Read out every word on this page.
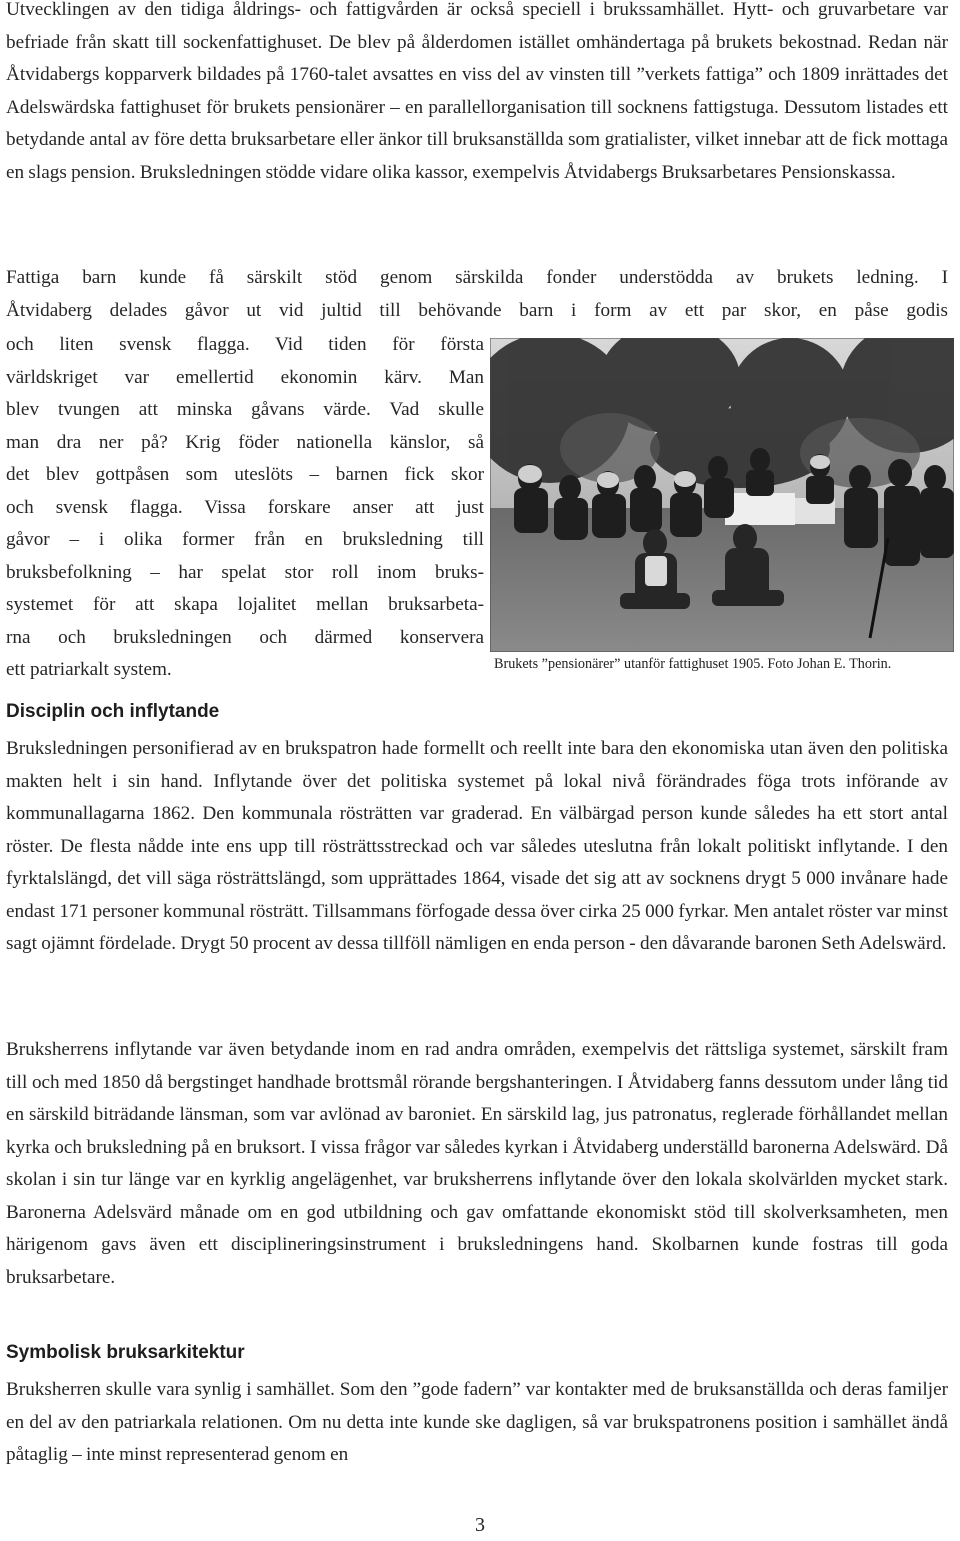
Utvecklingen av den tidiga åldrings- och fattigvården är också speciell i brukssamhället. Hytt- och gruvarbetare var befriade från skatt till sockenfattighuset. De blev på ålderdomen istället omhändertaga på brukets bekostnad. Redan när Åtvidabergs kopparverk bildades på 1760-talet avsattes en viss del av vinsten till ”verkets fattiga” och 1809 inrättades det Adelswärdska fattighuset för brukets pensionärer – en parallellorganisation till socknens fattigstuga. Dessutom listades ett betydande antal av före detta bruksarbetare eller änkor till bruksanställda som gratialister, vilket innebar att de fick mottaga en slags pension. Bruksledningen stödde vidare olika kassor, exempelvis Åtvidabergs Bruksarbetares Pensionskassa.

Fattiga barn kunde få särskilt stöd genom särskilda fonder understödda av brukets ledning. I
Åtvidaberg delades gåvor ut vid jultid till behövande barn i form av ett par skor, en påse godis
och liten svensk flagga. Vid tiden för första
världskriget var emellertid ekonomin kärv. Man
blev tvungen att minska gåvans värde. Vad skulle
man dra ner på? Krig föder nationella känslor, så
det blev gottpåsen som uteslöts – barnen fick skor
och svensk flagga. Vissa forskare anser att just
gåvor – i olika former från en bruksledning till
bruksbefolkning – har spelat stor roll inom bruks-
systemet för att skapa lojalitet mellan bruksarbeta-
rna och bruksledningen och därmed konservera
ett patriarkalt system.	Brukets ”pensionärer” utanför fattighuset 1905. Foto Johan E. Thorin.
Disciplin och inflytande

Bruksledningen personifierad av en brukspatron hade formellt och reellt inte bara den ekonomiska utan även den politiska makten helt i sin hand. Inflytande över det politiska systemet på lokal nivå förändrades föga trots införande av kommunallagarna 1862. Den kommunala rösträtten var graderad. En välbärgad person kunde således ha ett stort antal röster. De flesta nådde inte ens upp till rösträttsstreckad och var således uteslutna från lokalt politiskt inflytande. I den fyrktalslängd, det vill säga rösträttslängd, som upprättades 1864, visade det sig att av socknens drygt 5 000 invånare hade endast 171 personer kommunal rösträtt. Tillsammans förfogade dessa över cirka 25 000 fyrkar. Men antalet röster var minst sagt ojämnt fördelade. Drygt 50 procent av dessa tillföll nämligen en enda person - den dåvarande baronen Seth Adelswärd.

Bruksherrens inflytande var även betydande inom en rad andra områden, exempelvis det rättsliga systemet, särskilt fram till och med 1850 då bergstinget handhade brottsmål rörande bergshanteringen. I Åtvidaberg fanns dessutom under lång tid en särskild biträdande länsman, som var avlönad av baroniet. En särskild lag, jus patronatus, reglerade förhållandet mellan kyrka och bruksledning på en bruksort. I vissa frågor var således kyrkan i Åtvidaberg underställd baronerna Adelswärd. Då skolan i sin tur länge var en kyrklig angelägenhet, var bruksherrens inflytande över den lokala skolvärlden mycket stark. Baronerna Adelsvärd månade om en god utbildning och gav omfattande ekonomiskt stöd till skolverksamheten, men härigenom gavs även ett disciplineringsinstrument i bruksledningens hand. Skolbarnen kunde fostras till goda bruksarbetare.

Symbolisk bruksarkitektur

Bruksherren skulle vara synlig i samhället. Som den ”gode fadern” var kontakter med de bruksanställda och deras familjer en del av den patriarkala relationen. Om nu detta inte kunde ske dagligen, så var brukspatronens position i samhället ändå påtaglig – inte minst representerad genom en

3
